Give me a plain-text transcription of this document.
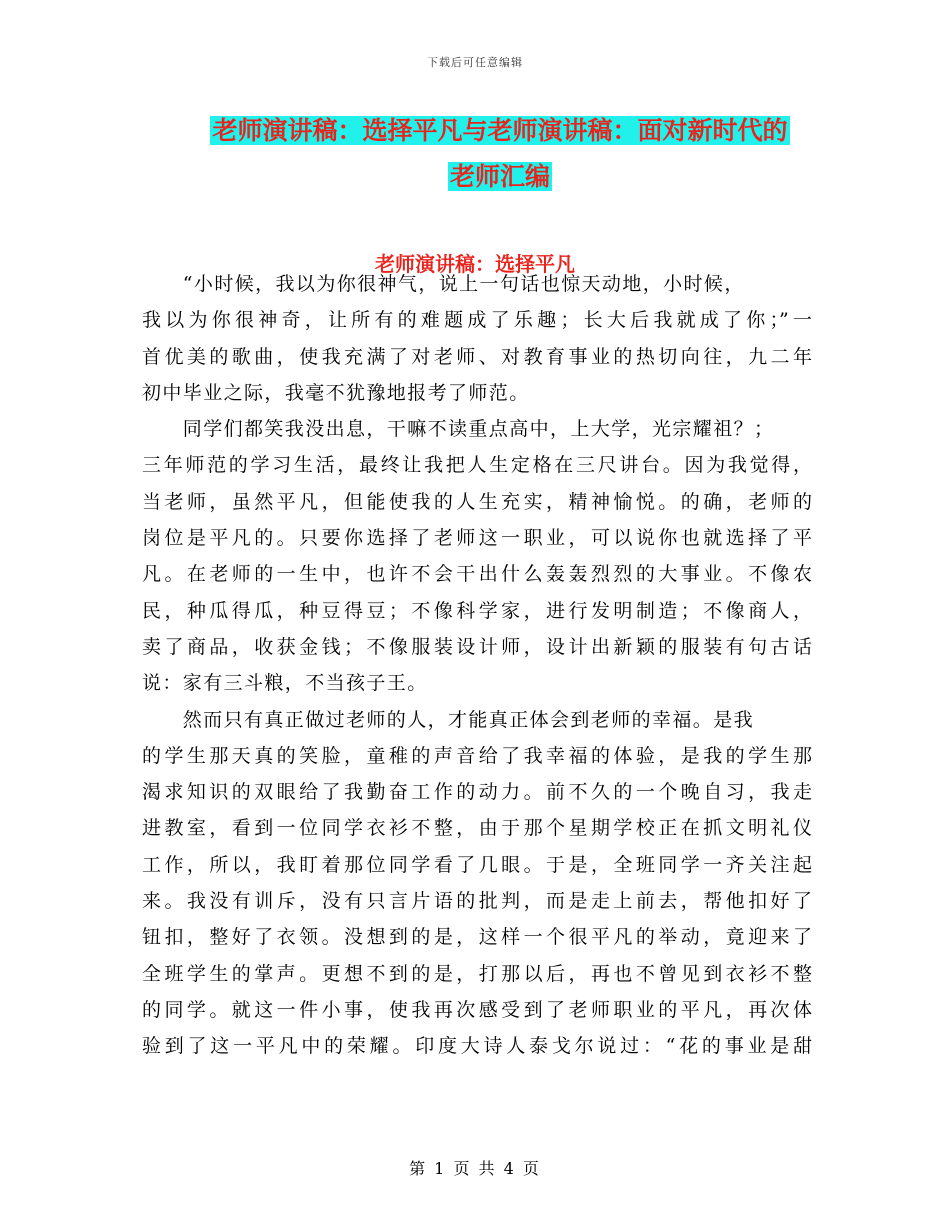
下载后可任意编辑
老师演讲稿：选择平凡与老师演讲稿：面对新时代的
老师汇编
老师演讲稿：选择平凡
　　“小时候，我以为你很神气，说上一句话也惊天动地，小时候，
我以为你很神奇，让所有的难题成了乐趣；长大后我就成了你；”一
首优美的歌曲，使我充满了对老师、对教育事业的热切向往，九二年
初中毕业之际，我毫不犹豫地报考了师范。
　　同学们都笑我没出息，干嘛不读重点高中，上大学，光宗耀祖？；
三年师范的学习生活，最终让我把人生定格在三尺讲台。因为我觉得，
当老师，虽然平凡，但能使我的人生充实，精神愉悦。的确，老师的
岗位是平凡的。只要你选择了老师这一职业，可以说你也就选择了平
凡。在老师的一生中，也许不会干出什么轰轰烈烈的大事业。不像农
民，种瓜得瓜，种豆得豆；不像科学家，进行发明制造；不像商人，
卖了商品，收获金钱；不像服装设计师，设计出新颖的服装有句古话
说：家有三斗粮，不当孩子王。
　　然而只有真正做过老师的人，才能真正体会到老师的幸福。是我
的学生那天真的笑脸，童稚的声音给了我幸福的体验，是我的学生那
渴求知识的双眼给了我勤奋工作的动力。前不久的一个晚自习，我走
进教室，看到一位同学衣衫不整，由于那个星期学校正在抓文明礼仪
工作，所以，我盯着那位同学看了几眼。于是，全班同学一齐关注起
来。我没有训斥，没有只言片语的批判，而是走上前去，帮他扣好了
钮扣，整好了衣领。没想到的是，这样一个很平凡的举动，竟迎来了
全班学生的掌声。更想不到的是，打那以后，再也不曾见到衣衫不整
的同学。就这一件小事，使我再次感受到了老师职业的平凡，再次体
验到了这一平凡中的荣耀。印度大诗人泰戈尔说过：“花的事业是甜
第 1 页 共 4 页
